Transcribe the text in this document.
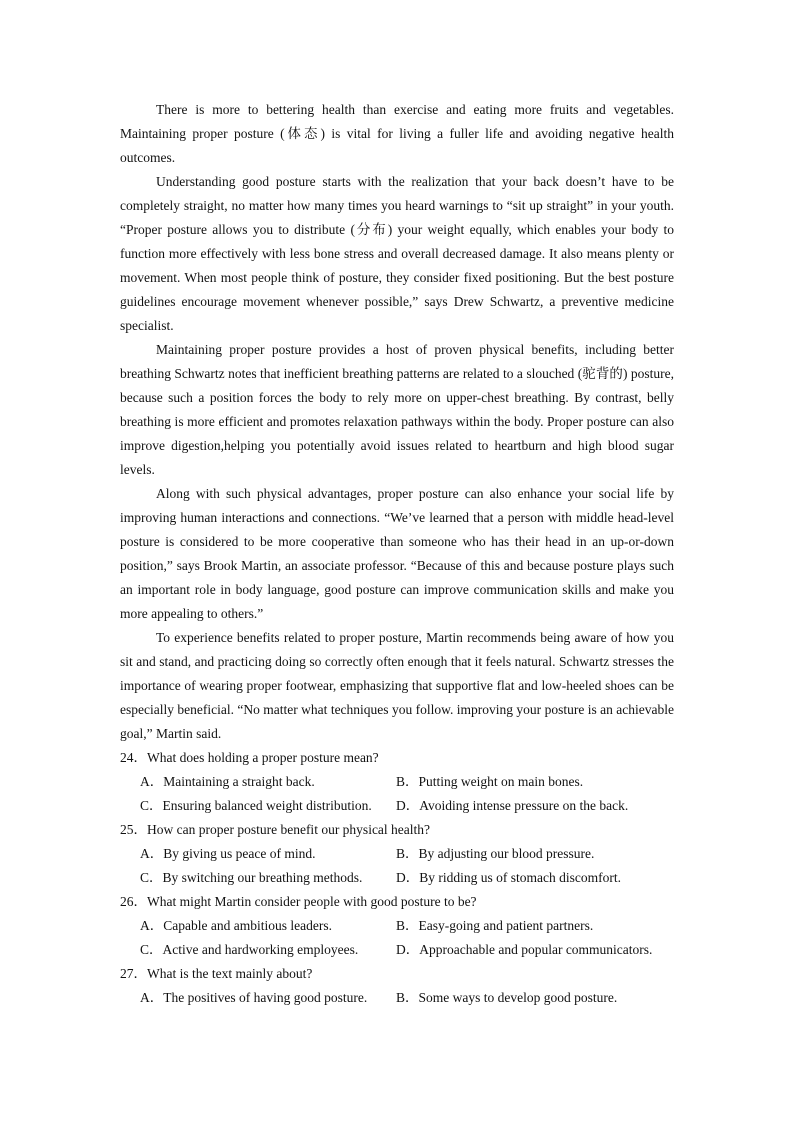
There is more to bettering health than exercise and eating more fruits and vegetables. Maintaining proper posture (体态) is vital for living a fuller life and avoiding negative health outcomes.

Understanding good posture starts with the realization that your back doesn’t have to be completely straight, no matter how many times you heard warnings to “sit up straight” in your youth. “Proper posture allows you to distribute (分布) your weight equally, which enables your body to function more effectively with less bone stress and overall decreased damage. It also means plenty or movement. When most people think of posture, they consider fixed positioning. But the best posture guidelines encourage movement whenever possible,” says Drew Schwartz, a preventive medicine specialist.

Maintaining proper posture provides a host of proven physical benefits, including better breathing Schwartz notes that inefficient breathing patterns are related to a slouched (驼背的) posture, because such a position forces the body to rely more on upper-chest breathing. By contrast, belly breathing is more efficient and promotes relaxation pathways within the body. Proper posture can also improve digestion,helping you potentially avoid issues related to heartburn and high blood sugar levels.

Along with such physical advantages, proper posture can also enhance your social life by improving human interactions and connections. “We’ve learned that a person with middle head-level posture is considered to be more cooperative than someone who has their head in an up-or-down position,” says Brook Martin, an associate professor. “Because of this and because posture plays such an important role in body language, good posture can improve communication skills and make you more appealing to others.”

To experience benefits related to proper posture, Martin recommends being aware of how you sit and stand, and practicing doing so correctly often enough that it feels natural. Schwartz stresses the importance of wearing proper footwear, emphasizing that supportive flat and low-heeled shoes can be especially beneficial. “No matter what techniques you follow. improving your posture is an achievable goal,” Martin said.

24．What does holding a proper posture mean?
A．Maintaining a straight back.	B．Putting weight on main bones.
C．Ensuring balanced weight distribution.	D．Avoiding intense pressure on the back.
25．How can proper posture benefit our physical health?
A．By giving us peace of mind.	B．By adjusting our blood pressure.
C．By switching our breathing methods.	D．By ridding us of stomach discomfort.
26．What might Martin consider people with good posture to be?
A．Capable and ambitious leaders.	B．Easy-going and patient partners.
C．Active and hardworking employees.	D．Approachable and popular communicators.
27．What is the text mainly about?
A．The positives of having good posture.	B．Some ways to develop good posture.
